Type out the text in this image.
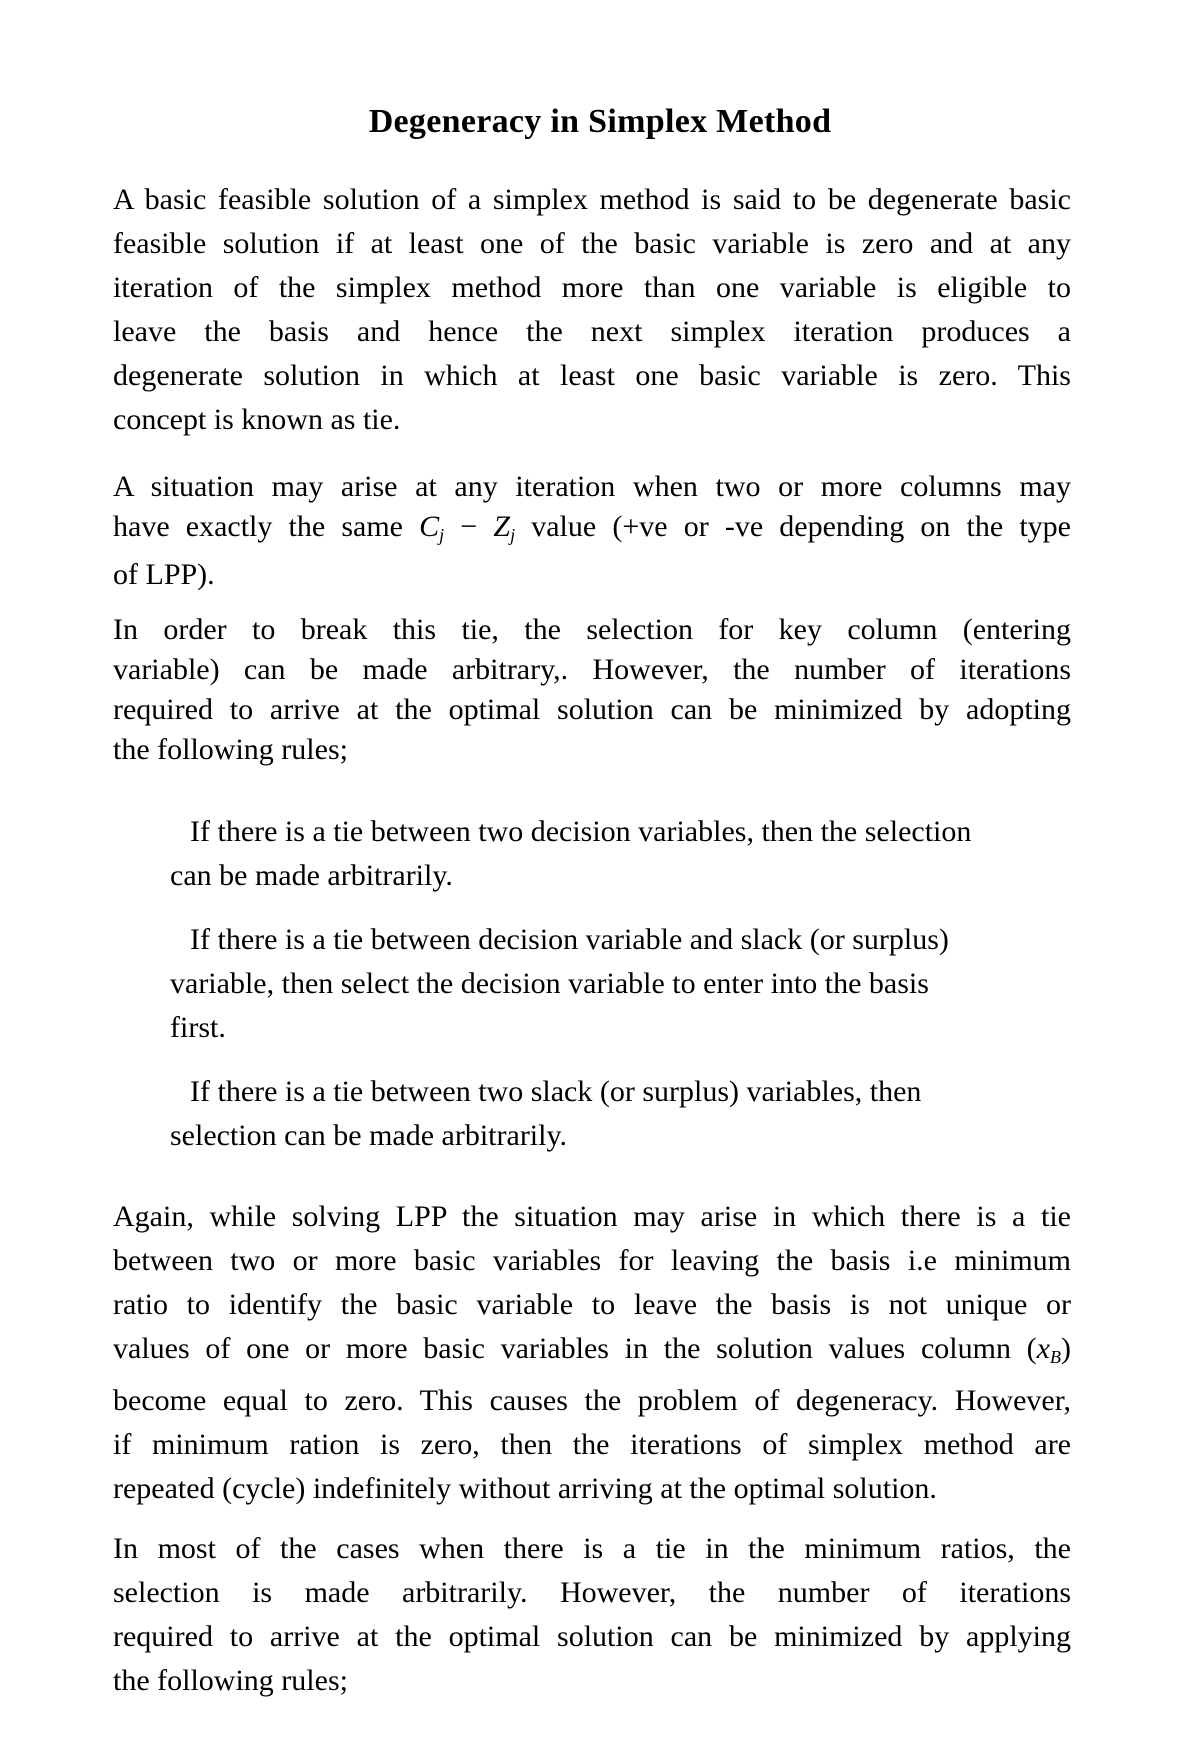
Degeneracy in Simplex Method

A basic feasible solution of a simplex method is said to be degenerate basic
feasible solution if at least one of the basic variable is zero and at any
iteration of the simplex method more than one variable is eligible to
leave the basis and hence the next simplex iteration produces a
degenerate solution in which at least one basic variable is zero. This
concept is known as tie.

A situation may arise at any iteration when two or more columns may
have exactly the same $C_j - Z_j$ value (+ve or -ve depending on the type
of LPP).

In order to break this tie, the selection for key column (entering
variable) can be made arbitrary,. However, the number of iterations
required to arrive at the optimal solution can be minimized by adopting
the following rules;

If there is a tie between two decision variables, then the selection
can be made arbitrarily.
If there is a tie between decision variable and slack (or surplus)
variable, then select the decision variable to enter into the basis
first.
If there is a tie between two slack (or surplus) variables, then
selection can be made arbitrarily.

Again, while solving LPP the situation may arise in which there is a tie
between two or more basic variables for leaving the basis i.e minimum
ratio to identify the basic variable to leave the basis is not unique or
values of one or more basic variables in the solution values column $(x_B)$
become equal to zero. This causes the problem of degeneracy. However,
if minimum ration is zero, then the iterations of simplex method are
repeated (cycle) indefinitely without arriving at the optimal solution.

In most of the cases when there is a tie in the minimum ratios, the
selection is made arbitrarily. However, the number of iterations
required to arrive at the optimal solution can be minimized by applying
the following rules;
